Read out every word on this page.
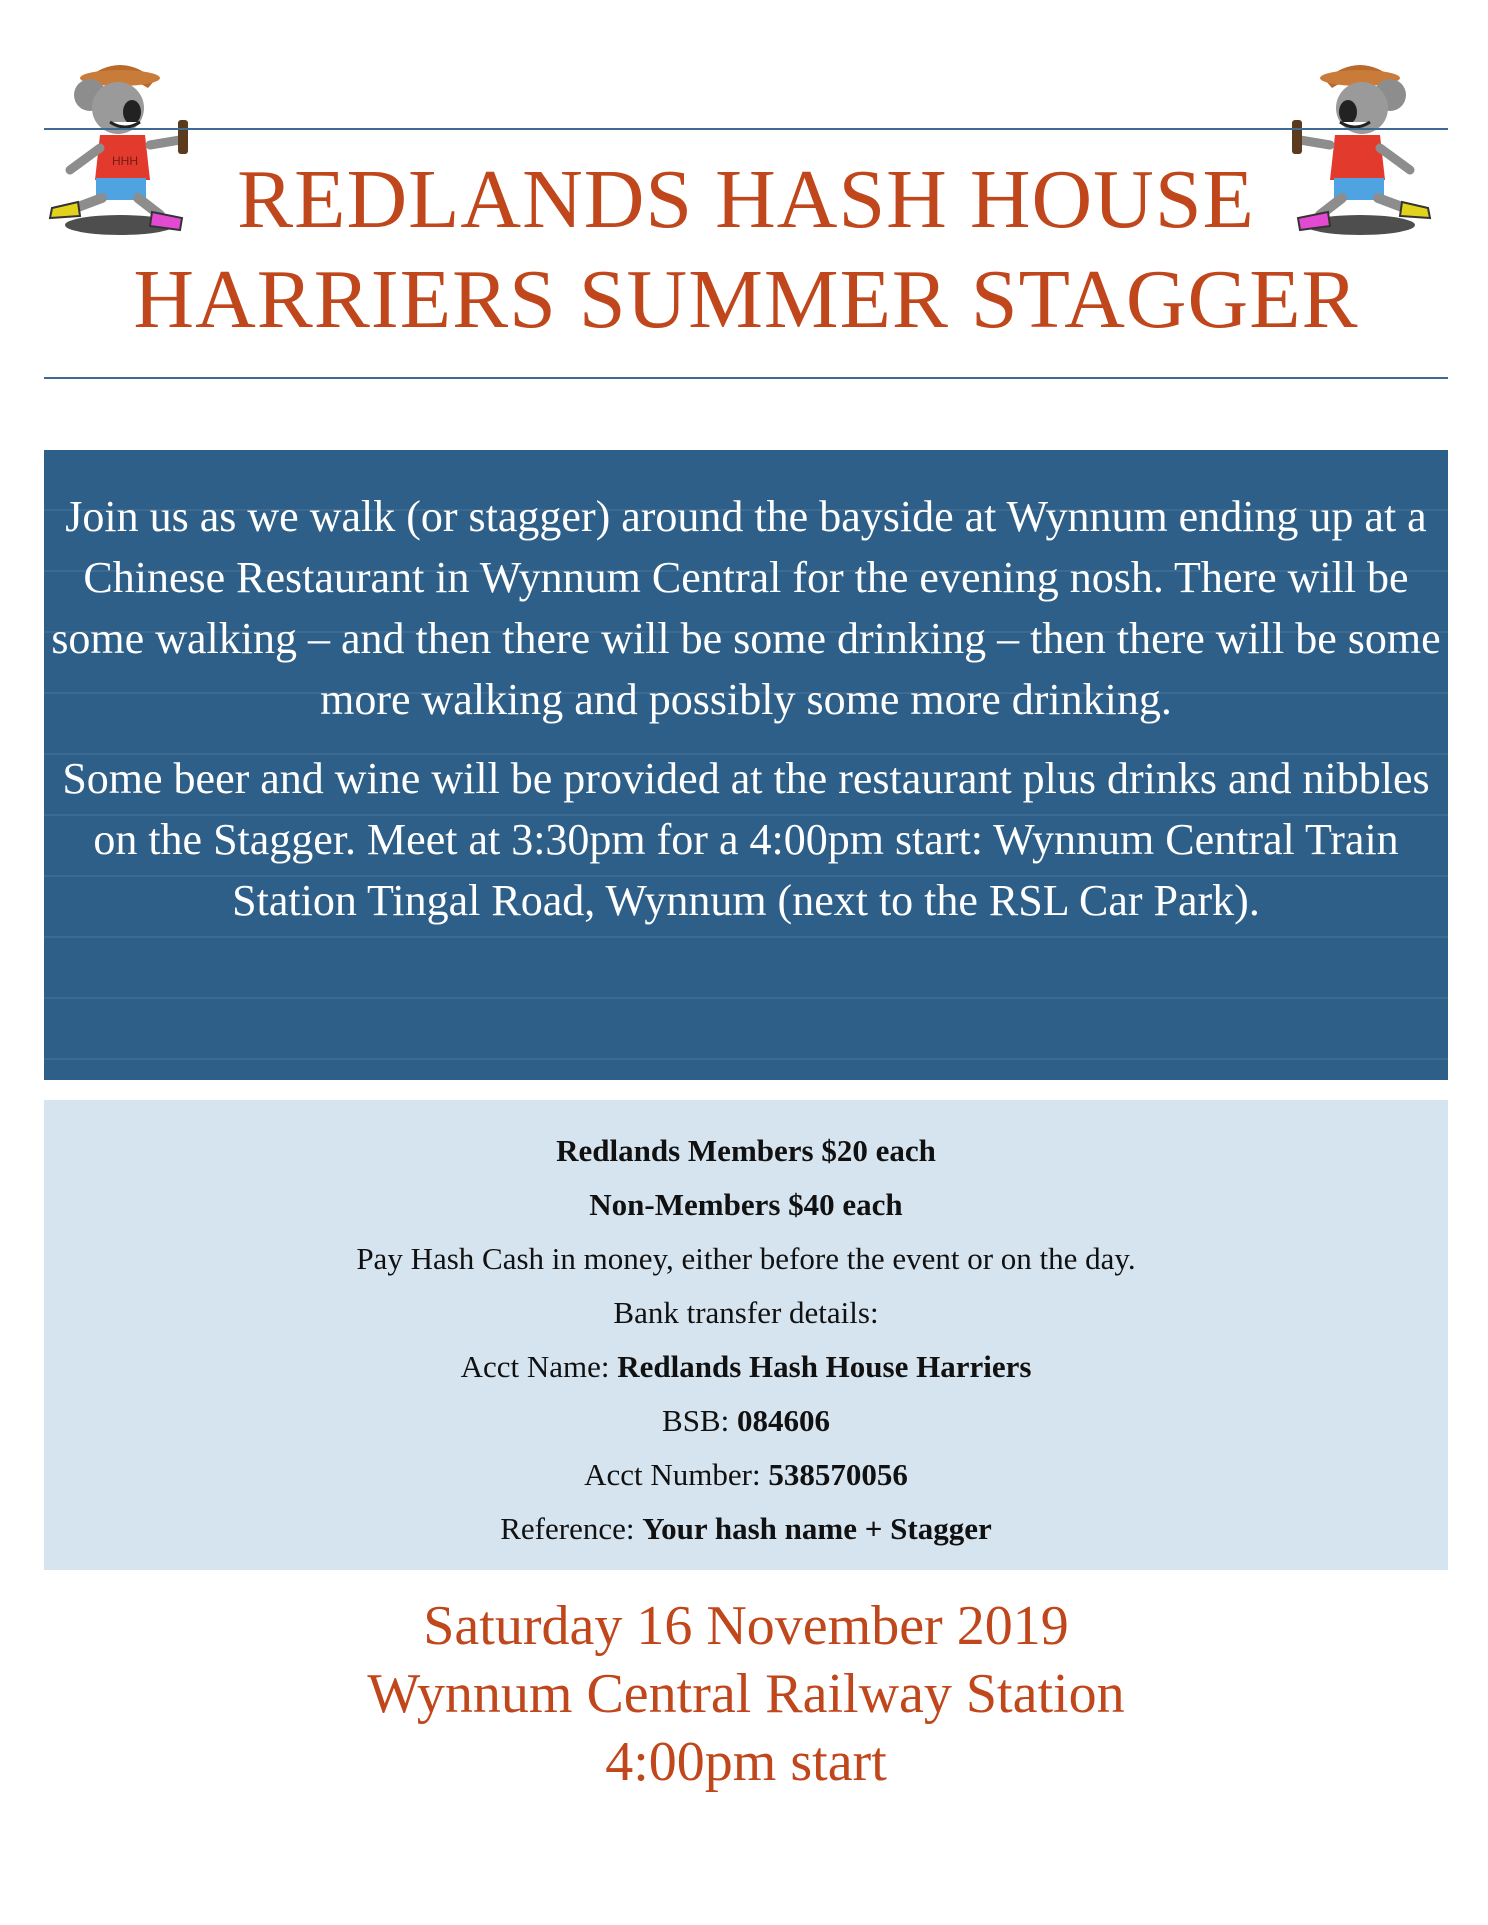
HHH	REDLANDS HASH HOUSE
HARRIERS SUMMER STAGGER

Join us as we walk (or stagger) around the bayside at Wynnum ending up at a Chinese Restaurant in Wynnum Central for the evening nosh. There will be some walking – and then there will be some drinking – then there will be some more walking and possibly some more drinking.

Some beer and wine will be provided at the restaurant plus drinks and nibbles on the Stagger. Meet at 3:30pm for a 4:00pm start: Wynnum Central Train Station Tingal Road, Wynnum (next to the RSL Car Park).

Redlands Members $20 each
Non-Members $40 each
Pay Hash Cash in money, either before the event or on the day.
Bank transfer details:
Acct Name: Redlands Hash House Harriers
BSB: 084606
Acct Number: 538570056
Reference: Your hash name + Stagger
Saturday 16 November 2019
Wynnum Central Railway Station
4:00pm start
